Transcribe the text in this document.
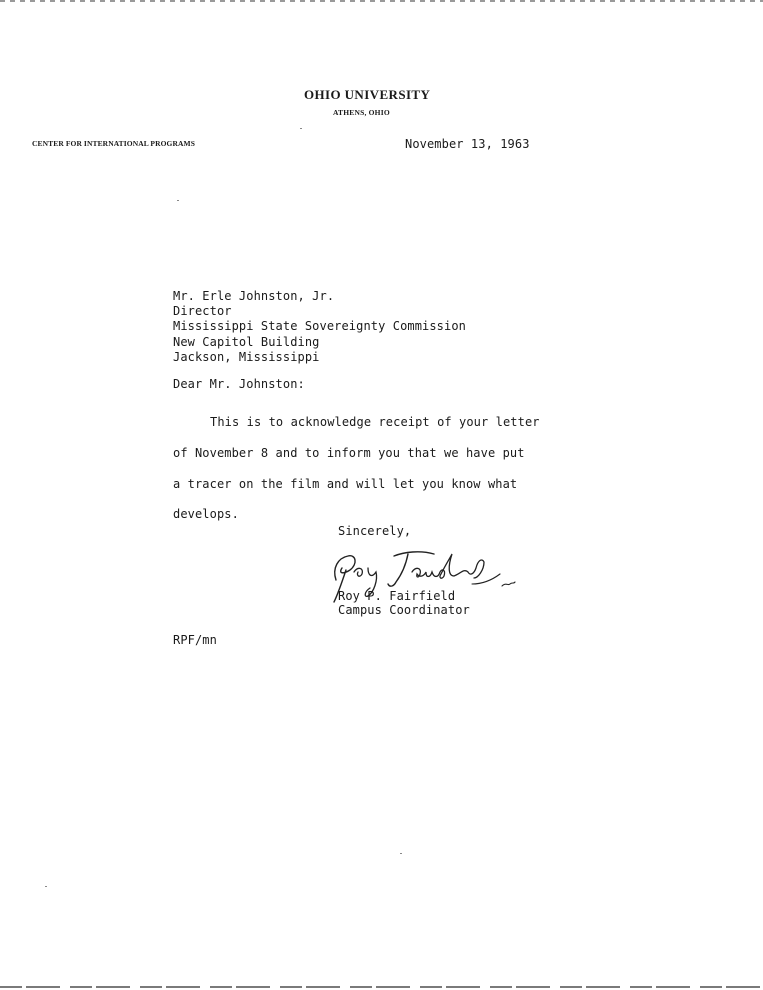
OHIO UNIVERSITY
ATHENS, OHIO
CENTER FOR INTERNATIONAL PROGRAMS	November 13, 1963
Mr. Erle Johnston, Jr.
Director
Mississippi State Sovereignty Commission
New Capitol Building
Jackson, Mississippi
Dear Mr. Johnston:
This is to acknowledge receipt of your letter
of November 8 and to inform you that we have put
a tracer on the film and will let you know what
develops.
Sincerely,
Roy Fairfield
Roy P. Fairfield
Campus Coordinator
RPF/mn
